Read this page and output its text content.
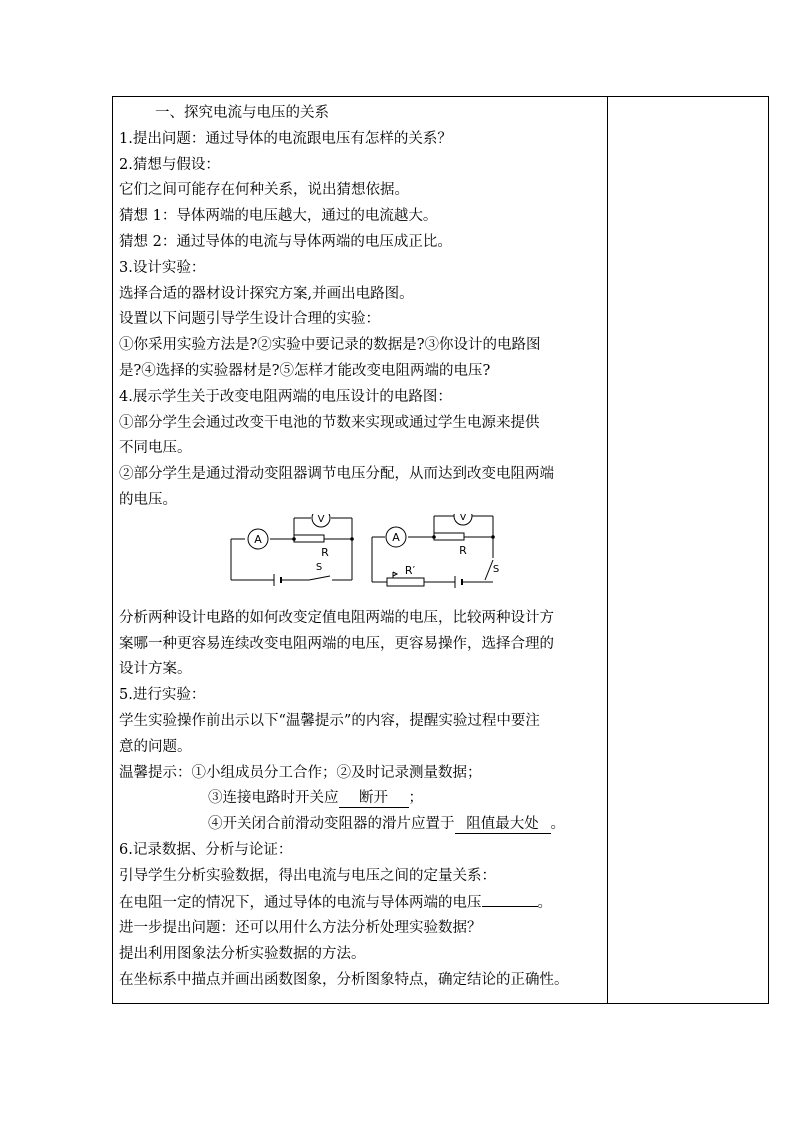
一、探究电流与电压的关系
1.提出问题：通过导体的电流跟电压有怎样的关系？
2.猜想与假设：
它们之间可能存在何种关系，说出猜想依据。
猜想 1：导体两端的电压越大，通过的电流越大。
猜想 2：通过导体的电流与导体两端的电压成正比。
3.设计实验：
选择合适的器材设计探究方案,并画出电路图。
设置以下问题引导学生设计合理的实验：
①你采用实验方法是?②实验中要记录的数据是?③你设计的电路图
是?④选择的实验器材是?⑤怎样才能改变电阻两端的电压?
4.展示学生关于改变电阻两端的电压设计的电路图：
①部分学生会通过改变干电池的节数来实现或通过学生电源来提供
不同电压。
②部分学生是通过滑动变阻器调节电压分配，从而达到改变电阻两端
的电压。
A
V
R
S
A
V
R
S
R′
分析两种设计电路的如何改变定值电阻两端的电压，比较两种设计方
案哪一种更容易连续改变电阻两端的电压，更容易操作，选择合理的
设计方案。
5.进行实验：
学生实验操作前出示以下“温馨提示”的内容，提醒实验过程中要注
意的问题。
温馨提示：①小组成员分工合作；②及时记录测量数据；
③连接电路时开关应 断开 ；
④开关闭合前滑动变阻器的滑片应置于 阻值最大处 。
6.记录数据、分析与论证：
引导学生分析实验数据，得出电流与电压之间的定量关系：
在电阻一定的情况下，通过导体的电流与导体两端的电压	。
进一步提出问题：还可以用什么方法分析处理实验数据？
提出利用图象法分析实验数据的方法。
在坐标系中描点并画出函数图象，分析图象特点，确定结论的正确性。
